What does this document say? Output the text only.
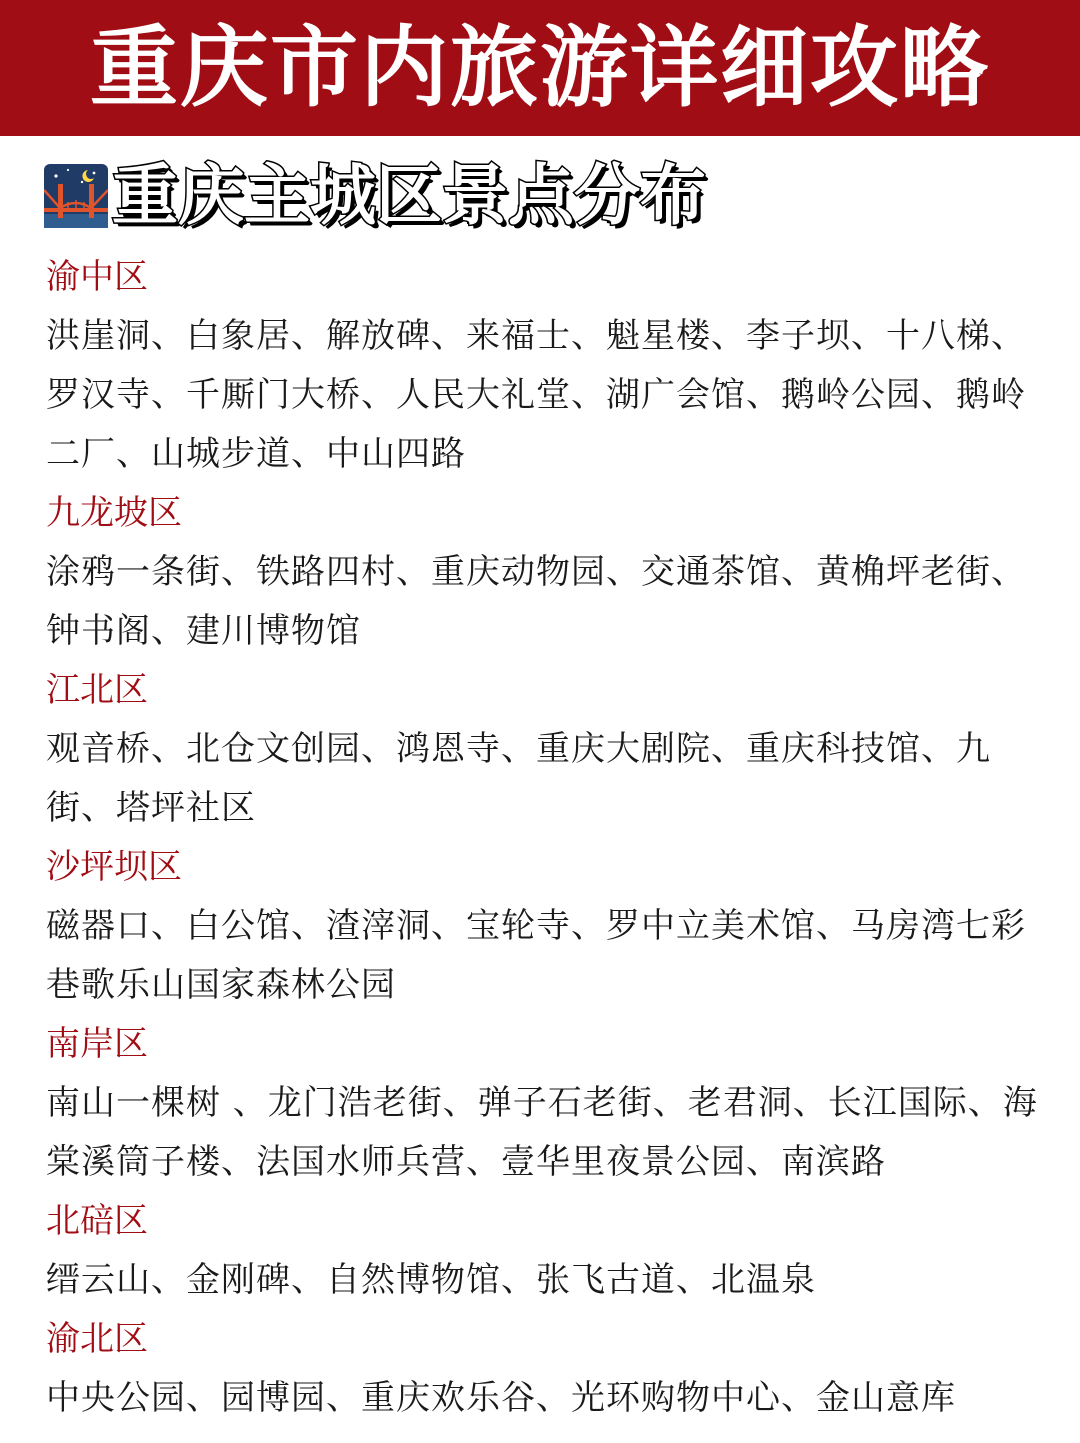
重庆市内旅游详细攻略
重庆主城区景点分布
渝中区
洪崖洞、白象居、解放碑、来福士、魁星楼、李子坝、十八梯、罗汉寺、千厮门大桥、人民大礼堂、湖广会馆、鹅岭公园、鹅岭二厂、山城步道、中山四路
九龙坡区
涂鸦一条街、铁路四村、重庆动物园、交通茶馆、黄桷坪老街、钟书阁、建川博物馆
江北区
观音桥、北仓文创园、鸿恩寺、重庆大剧院、重庆科技馆、九街、塔坪社区
沙坪坝区
磁器口、白公馆、渣滓洞、宝轮寺、罗中立美术馆、马房湾七彩巷歌乐山国家森林公园
南岸区
南山一棵树 、龙门浩老街、弹子石老街、老君洞、长江国际、海棠溪筒子楼、法国水师兵营、壹华里夜景公园、南滨路
北碚区
缙云山、金刚碑、自然博物馆、张飞古道、北温泉
渝北区
中央公园、园博园、重庆欢乐谷、光环购物中心、金山意库
